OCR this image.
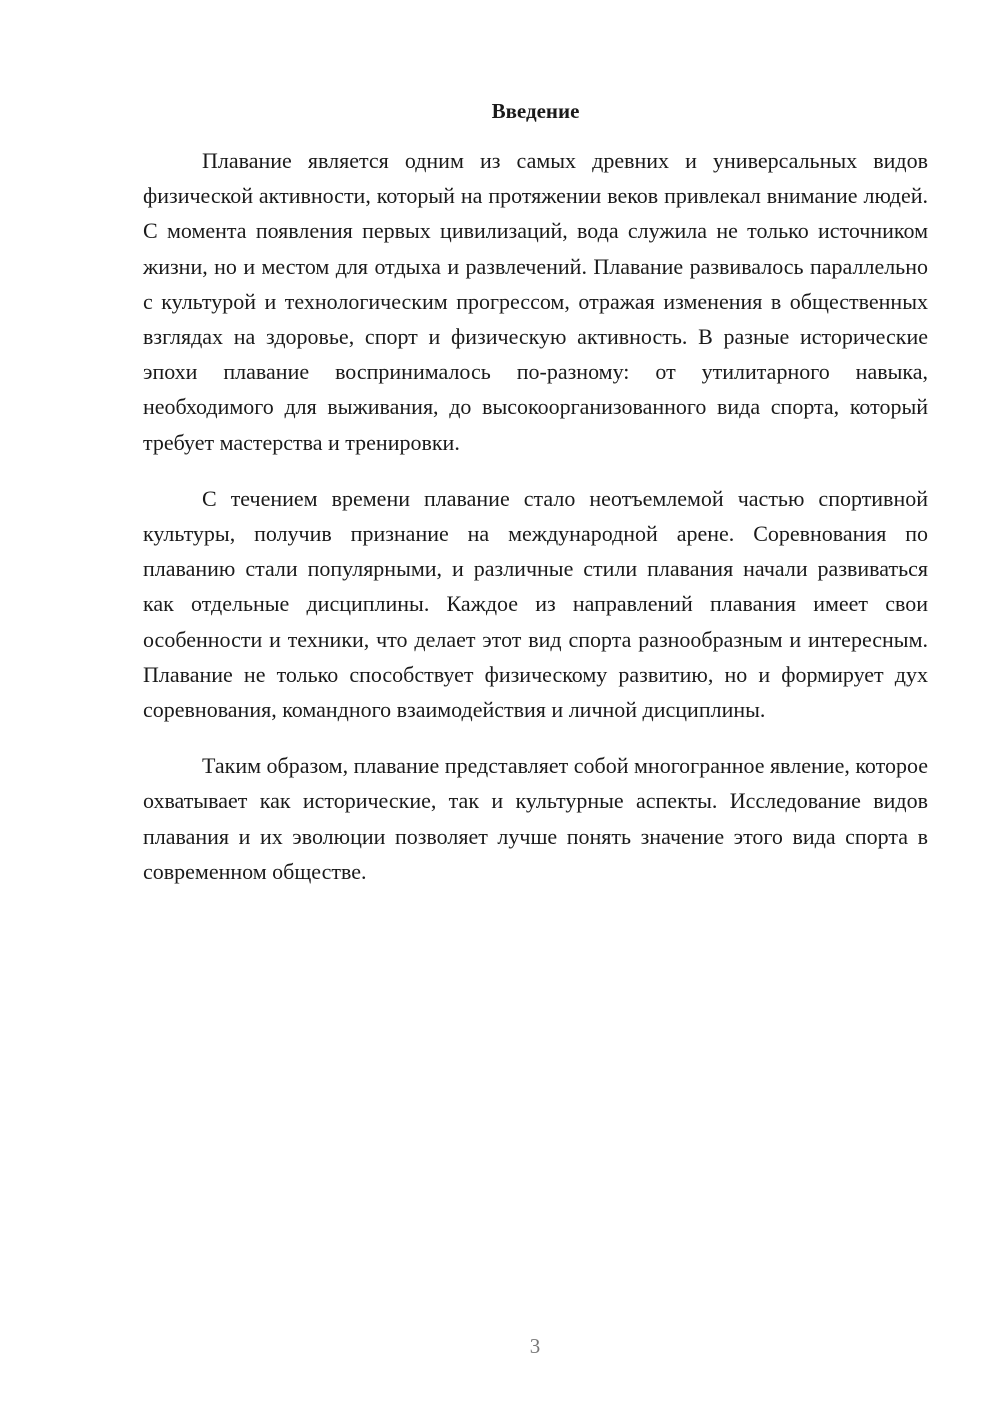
Введение

Плавание является одним из самых древних и универсальных видов физической активности, который на протяжении веков привлекал внимание людей. С момента появления первых цивилизаций, вода служила не только источником жизни, но и местом для отдыха и развлечений. Плавание развивалось параллельно с культурой и технологическим прогрессом, отражая изменения в общественных взглядах на здоровье, спорт и физическую активность. В разные исторические эпохи плавание воспринималось по-разному: от утилитарного навыка, необходимого для выживания, до высокоорганизованного вида спорта, который требует мастерства и тренировки.

С течением времени плавание стало неотъемлемой частью спортивной культуры, получив признание на международной арене. Соревнования по плаванию стали популярными, и различные стили плавания начали развиваться как отдельные дисциплины. Каждое из направлений плавания имеет свои особенности и техники, что делает этот вид спорта разнообразным и интересным. Плавание не только способствует физическому развитию, но и формирует дух соревнования, командного взаимодействия и личной дисциплины.

Таким образом, плавание представляет собой многогранное явление, которое охватывает как исторические, так и культурные аспекты. Исследование видов плавания и их эволюции позволяет лучше понять значение этого вида спорта в современном обществе.

3
